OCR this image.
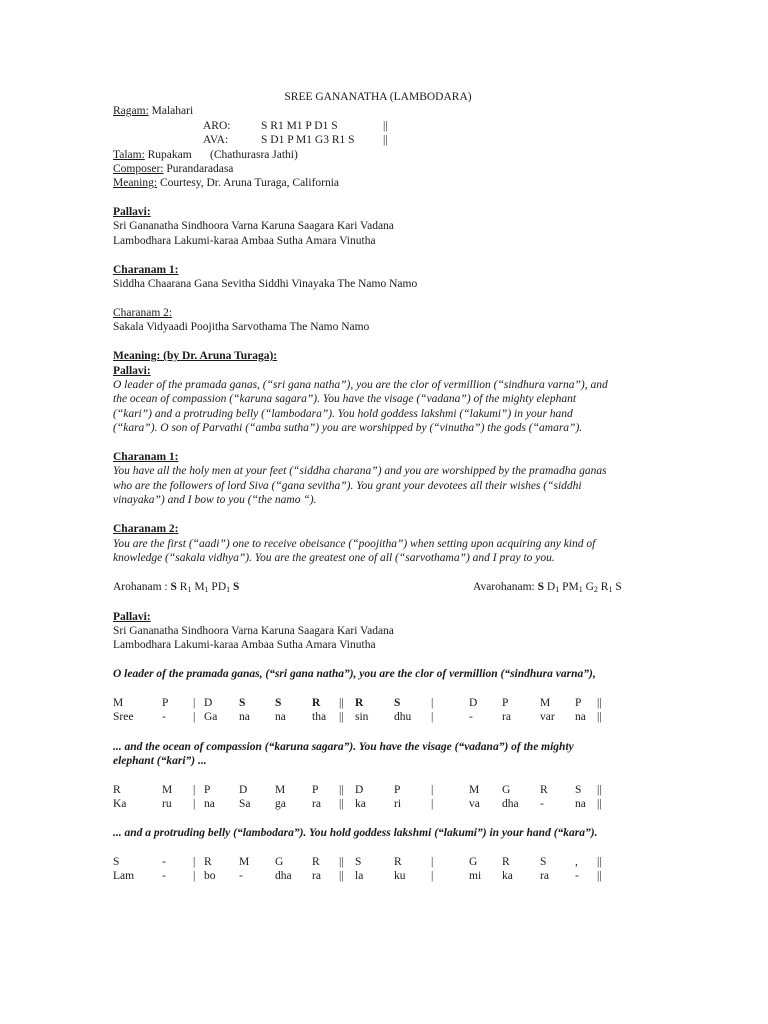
SREE GANANATHA (LAMBODARA)
Ragam: Malahari
ARO:	S R1 M1 P D1 S	||
AVA:	S D1 P M1 G3 R1 S ||
Talam: Rupakam (Chathurasra Jathi)
Composer: Purandaradasa
Meaning: Courtesy, Dr. Aruna Turaga, California
Pallavi:
Sri Gananatha Sindhoora Varna Karuna Saagara Kari Vadana
Lambodhara Lakumi-karaa Ambaa Sutha Amara Vinutha
Charanam 1:
Siddha Chaarana Gana Sevitha Siddhi Vinayaka The Namo Namo
Charanam 2:
Sakala Vidyaadi Poojitha Sarvothama The Namo Namo
Meaning: (by Dr. Aruna Turaga):
Pallavi:
O leader of the pramada ganas, (“sri gana natha”), you are the clor of vermillion (“sindhura varna”), and
the ocean of compassion (“karuna sagara”). You have the visage (“vadana”) of the mighty elephant
(“kari”) and a protruding belly (“lambodara”). You hold goddess lakshmi (“lakumi”) in your hand
(“kara”). O son of Parvathi (“amba sutha”) you are worshipped by (“vinutha”) the gods (“amara”).
Charanam 1:
You have all the holy men at your feet (“siddha charana”) and you are worshipped by the pramadha ganas
who are the followers of lord Siva (“gana sevitha”). You grant your devotees all their wishes (“siddhi
vinayaka”) and I bow to you (“the namo “).
Charanam 2:
You are the first (“aadi”) one to receive obeisance (“poojitha”) when setting upon acquiring any kind of
knowledge (“sakala vidhya”). You are the greatest one of all (“sarvothama”) and I pray to you.
Arohanam : S $R_1$ $M_1$ $PD_1$ S	Avarohanam: S $D_1$ $PM_1$ $G_2$ $R_1$ S
Pallavi:
Sri Gananatha Sindhoora Varna Karuna Saagara Kari Vadana
Lambodhara Lakumi-karaa Ambaa Sutha Amara Vinutha
O leader of the pramada ganas, (“sri gana natha”), you are the clor of vermillion (“sindhura varna”),
M	P | D S	S	R || R	S	|	D P	M P ||
Sree - | Ga na na tha || sin dhu |	-	ra	var na ||
... and the ocean of compassion (“karuna sagara”). You have the visage (“vadana”) of the mighty
elephant (“kari”) ...
R	M | P D M P || D	P	|	M G	R S ||
Ka	ru | na Sa ga ra || ka ri	|	va dha -	na ||
... and a protruding belly (“lambodara”). You hold goddess lakshmi (“lakumi”) in your hand (“kara”).
S	- | R M G R || S	R	|	G R	S , ||
Lam - | bo -	dha ra || la	ku |	mi ka ra - ||
